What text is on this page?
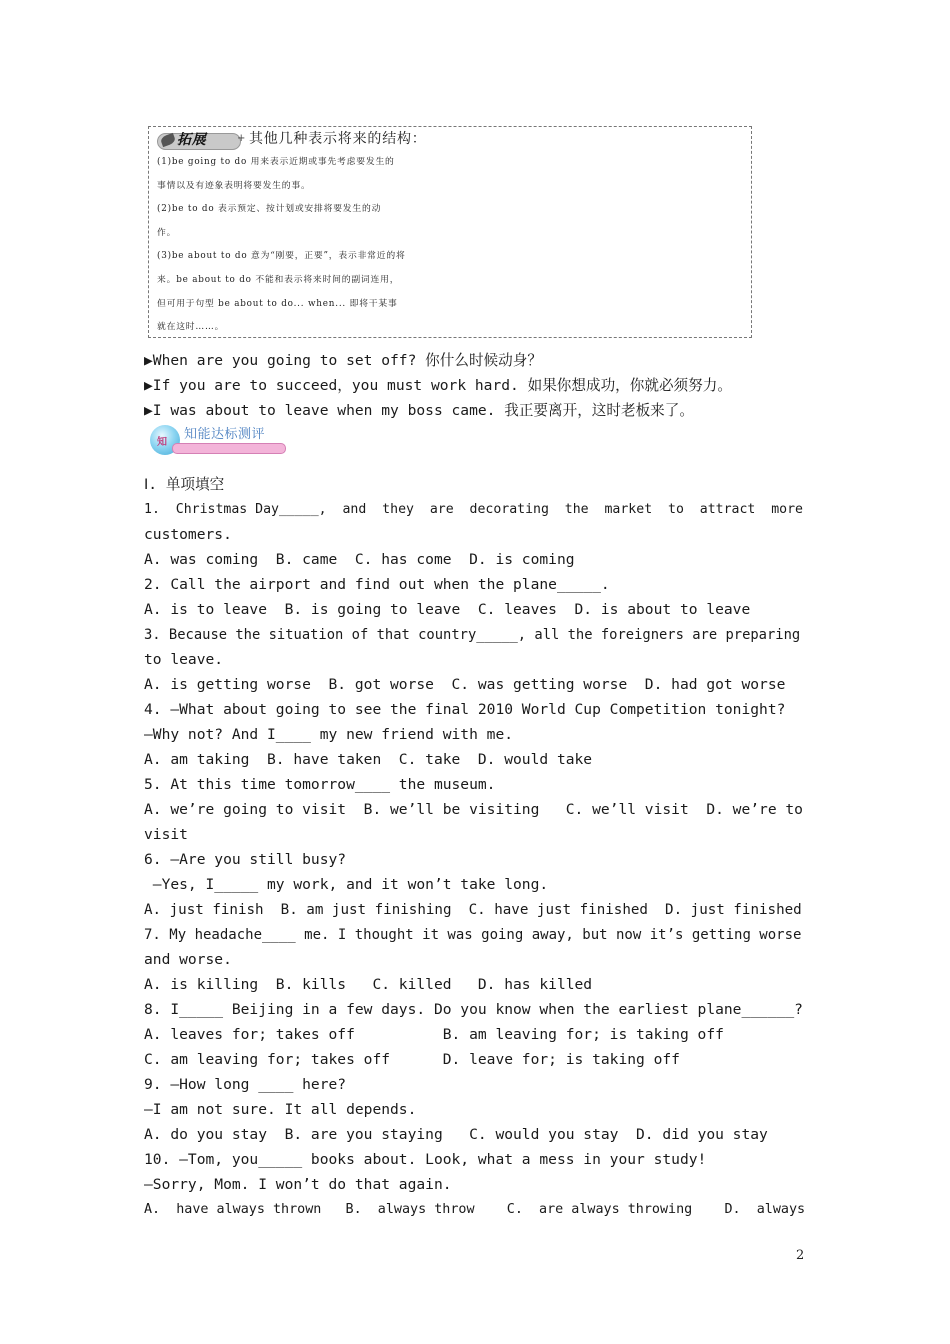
拓展	+ 其他几种表示将来的结构：
(1)be going to do 用来表示近期或事先考虑要发生的
事情以及有迹象表明将要发生的事。
(2)be to do 表示预定、按计划或安排将要发生的动
作。
(3)be about to do 意为“刚要，正要”，表示非常近的将
来。be about to do 不能和表示将来时间的副词连用，
但可用于句型 be about to do... when... 即将干某事
就在这时……。
▶When are you going to set off? 你什么时候动身？
▶If you are to succeed，you must work hard. 如果你想成功，你就必须努力。
▶I was about to leave when my boss came. 我正要离开，这时老板来了。
知
知能达标测评
Ⅰ. 单项填空
1.  Christmas Day_____,  and  they  are  decorating  the  market  to  attract  more
customers.
A. was coming  B. came  C. has come  D. is coming
2. Call the airport and find out when the plane_____.
A. is to leave  B. is going to leave  C. leaves  D. is about to leave
3. Because the situation of that country_____, all the foreigners are preparing
to leave.
A. is getting worse  B. got worse  C. was getting worse  D. had got worse
4. —What about going to see the final 2010 World Cup Competition tonight?
—Why not? And I____ my new friend with me.
A. am taking  B. have taken  C. take  D. would take
5. At this time tomorrow____ the museum.
A. we’re going to visit  B. we’ll be visiting   C. we’ll visit  D. we’re to
visit
6. —Are you still busy?
—Yes, I_____ my work, and it won’t take long.
A. just finish  B. am just finishing  C. have just finished  D. just finished
7. My headache____ me. I thought it was going away, but now it’s getting worse
and worse.
A. is killing  B. kills   C. killed   D. has killed
8. I_____ Beijing in a few days. Do you know when the earliest plane______?
A. leaves for; takes off          B. am leaving for; is taking off
C. am leaving for; takes off      D. leave for; is taking off
9. —How long ____ here?
—I am not sure. It all depends.
A. do you stay  B. are you staying   C. would you stay  D. did you stay
10. —Tom, you_____ books about. Look, what a mess in your study!
—Sorry, Mom. I won’t do that again.
A.  have always thrown   B.  always throw    C.  are always throwing    D.  always
2
